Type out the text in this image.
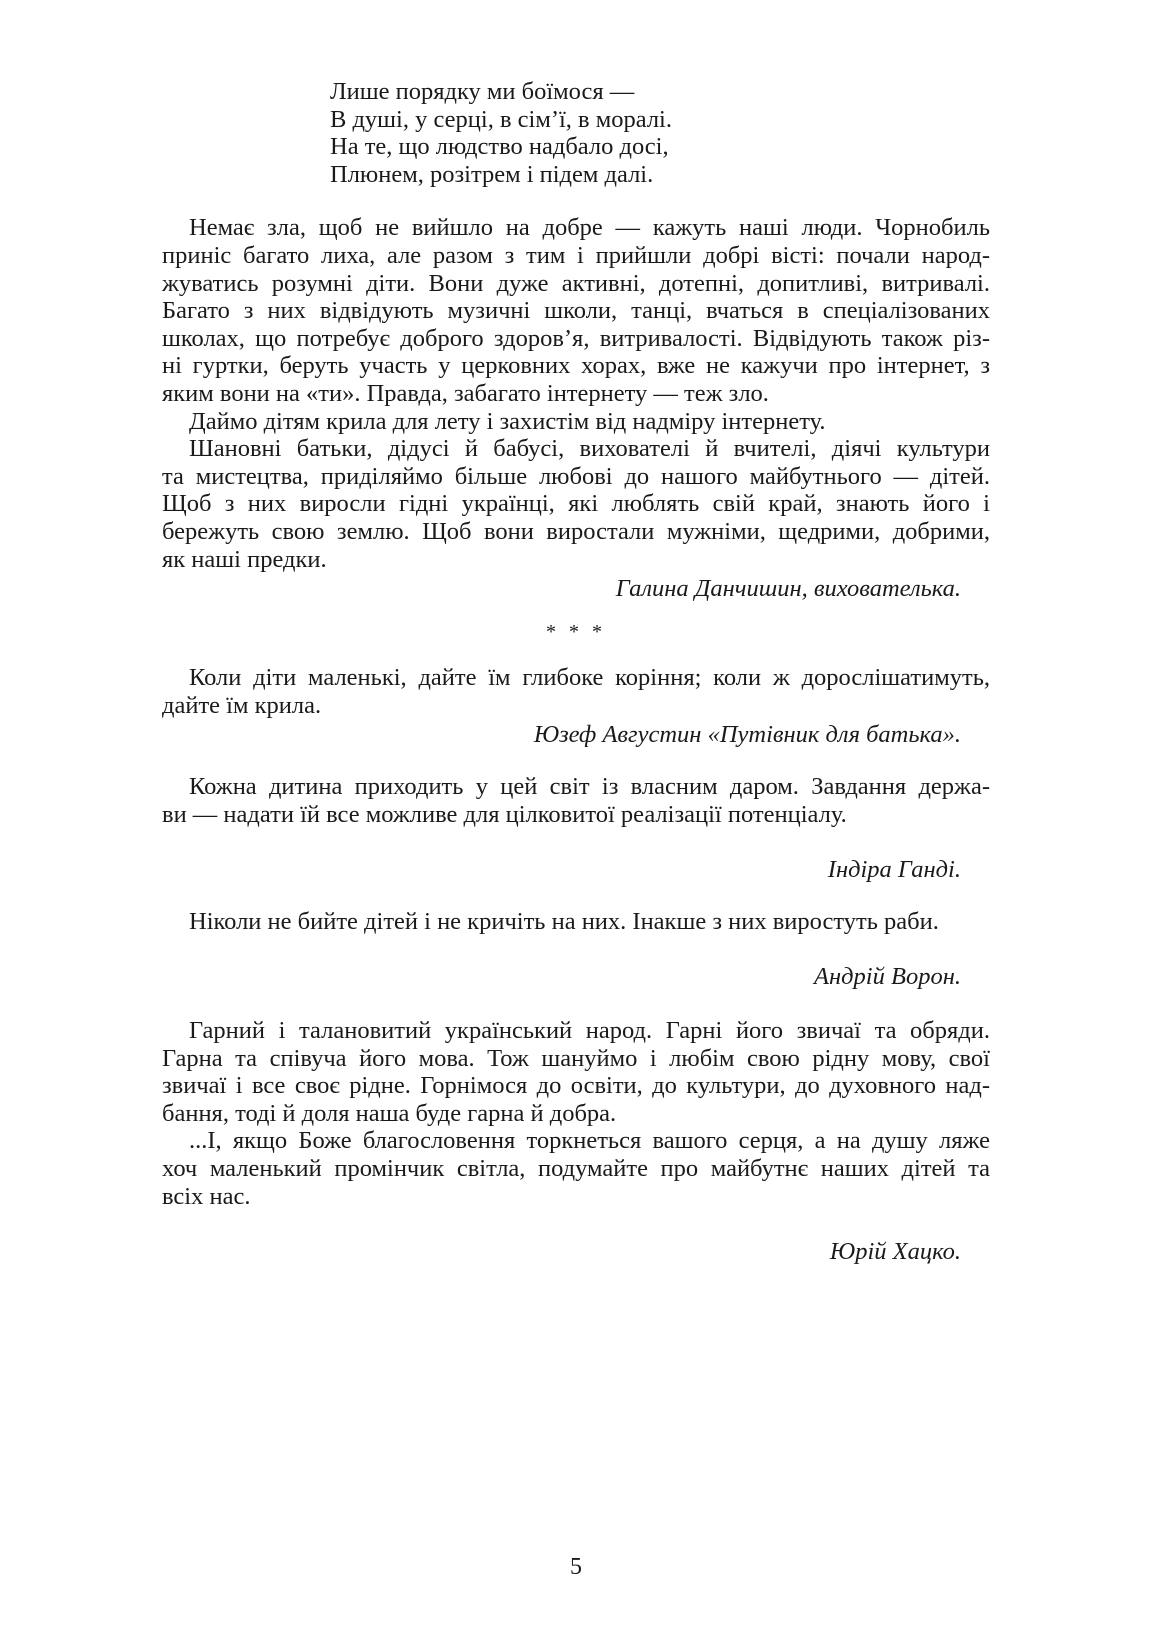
Лише порядку ми боїмося —
В душі, у серці, в сім’ї, в моралі.
На те, що людство надбало досі,
Плюнем, розітрем і підем далі.
Немає зла, щоб не вийшло на добре — кажуть наші люди. Чорнобиль
приніс багато лиха, але разом з тим і прийшли добрі вісті: почали народ-
жуватись розумні діти. Вони дуже активні, дотепні, допитливі, витривалі.
Багато з них відвідують музичні школи, танці, вчаться в спеціалізованих
школах, що потребує доброго здоров’я, витривалості. Відвідують також різ-
ні гуртки, беруть участь у церковних хорах, вже не кажучи про інтернет, з
яким вони на «ти». Правда, забагато інтернету — теж зло.
Даймо дітям крила для лету і захистім від надміру інтернету.
Шановні батьки, дідусі й бабусі, вихователі й вчителі, діячі культури
та мистецтва, приділяймо більше любові до нашого майбутнього — дітей.
Щоб з них виросли гідні українці, які люблять свій край, знають його і
бережуть свою землю. Щоб вони виростали мужніми, щедрими, добрими,
як наші предки.
Галина Данчишин, вихователька.
* * *
Коли діти маленькі, дайте їм глибоке коріння; коли ж дорослішатимуть,
дайте їм крила.
Юзеф Августин «Путівник для батька».
Кожна дитина приходить у цей світ із власним даром. Завдання держа-
ви — надати їй все можливе для цілковитої реалізації потенціалу.
Індіра Ганді.
Ніколи не бийте дітей і не кричіть на них. Інакше з них виростуть раби.
Андрій Ворон.
Гарний і талановитий український народ. Гарні його звичаї та обряди.
Гарна та співуча його мова. Тож шануймо і любім свою рідну мову, свої
звичаї і все своє рідне. Горнімося до освіти, до культури, до духовного над-
бання, тоді й доля наша буде гарна й добра.
...І, якщо Боже благословення торкнеться вашого серця, а на душу ляже
хоч маленький промінчик світла, подумайте про майбутнє наших дітей та
всіх нас.
Юрій Хацко.
5
